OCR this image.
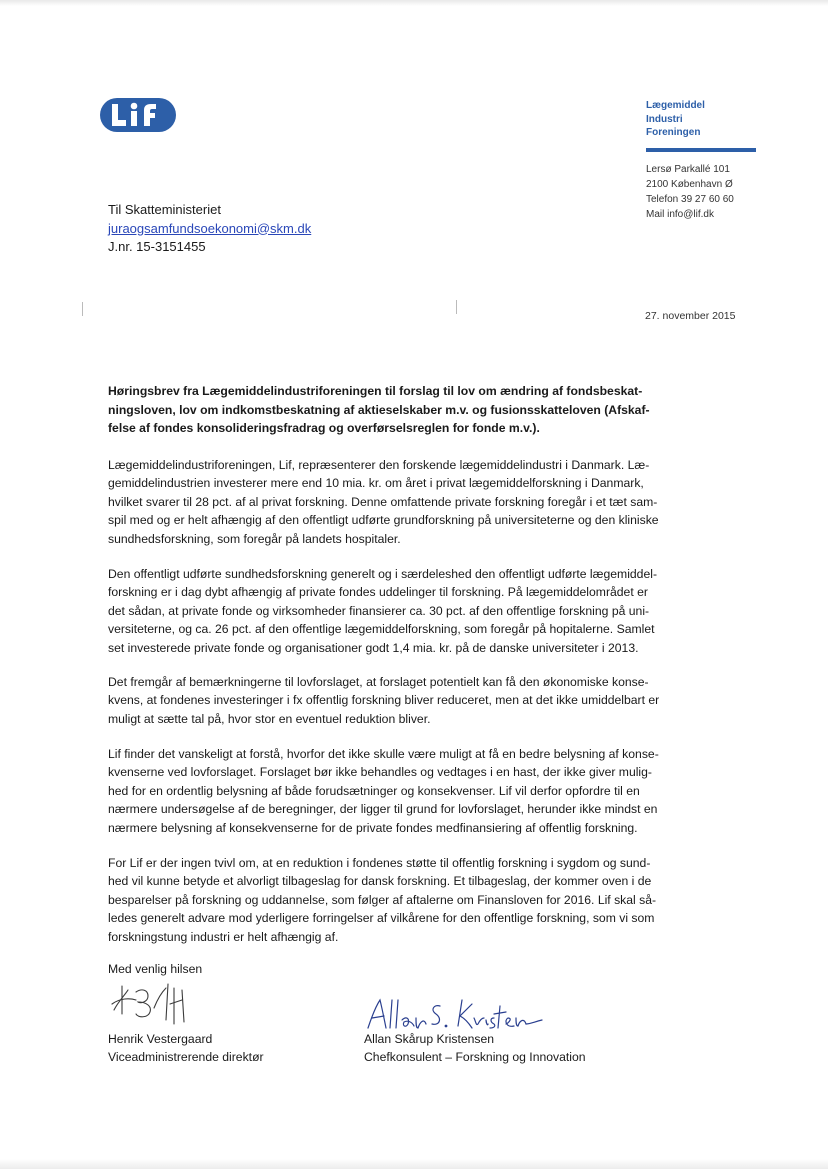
Lægemiddel
Industri
Foreningen
Lersø Parkallé 101
2100 København Ø
Telefon 39 27 60 60
Mail info@lif.dk
Til Skatteministeriet
juraogsamfundsoekonomi@skm.dk
J.nr. 15-3151455
27. november 2015
Høringsbrev fra Lægemiddelindustriforeningen til forslag til lov om ændring af fondsbeskat-
ningsloven, lov om indkomstbeskatning af aktieselskaber m.v. og fusionsskatteloven (Afskaf-
felse af fondes konsolideringsfradrag og overførselsreglen for fonde m.v.).
Lægemiddelindustriforeningen, Lif, repræsenterer den forskende lægemiddelindustri i Danmark. Læ-
gemiddelindustrien investerer mere end 10 mia. kr. om året i privat lægemiddelforskning i Danmark,
hvilket svarer til 28 pct. af al privat forskning. Denne omfattende private forskning foregår i et tæt sam-
spil med og er helt afhængig af den offentligt udførte grundforskning på universiteterne og den kliniske
sundhedsforskning, som foregår på landets hospitaler.
Den offentligt udførte sundhedsforskning generelt og i særdeleshed den offentligt udførte lægemiddel-
forskning er i dag dybt afhængig af private fondes uddelinger til forskning. På lægemiddelområdet er
det sådan, at private fonde og virksomheder finansierer ca. 30 pct. af den offentlige forskning på uni-
versiteterne, og ca. 26 pct. af den offentlige lægemiddelforskning, som foregår på hopitalerne. Samlet
set investerede private fonde og organisationer godt 1,4 mia. kr. på de danske universiteter i 2013.
Det fremgår af bemærkningerne til lovforslaget, at forslaget potentielt kan få den økonomiske konse-
kvens, at fondenes investeringer i fx offentlig forskning bliver reduceret, men at det ikke umiddelbart er
muligt at sætte tal på, hvor stor en eventuel reduktion bliver.
Lif finder det vanskeligt at forstå, hvorfor det ikke skulle være muligt at få en bedre belysning af konse-
kvenserne ved lovforslaget. Forslaget bør ikke behandles og vedtages i en hast, der ikke giver mulig-
hed for en ordentlig belysning af både forudsætninger og konsekvenser. Lif vil derfor opfordre til en
nærmere undersøgelse af de beregninger, der ligger til grund for lovforslaget, herunder ikke mindst en
nærmere belysning af konsekvenserne for de private fondes medfinansiering af offentlig forskning.
For Lif er der ingen tvivl om, at en reduktion i fondenes støtte til offentlig forskning i sygdom og sund-
hed vil kunne betyde et alvorligt tilbageslag for dansk forskning. Et tilbageslag, der kommer oven i de
besparelser på forskning og uddannelse, som følger af aftalerne om Finansloven for 2016. Lif skal så-
ledes generelt advare mod yderligere forringelser af vilkårene for den offentlige forskning, som vi som
forskningstung industri er helt afhængig af.
Med venlig hilsen
Henrik Vestergaard
Viceadministrerende direktør
Allan Skårup Kristensen
Chefkonsulent – Forskning og Innovation
